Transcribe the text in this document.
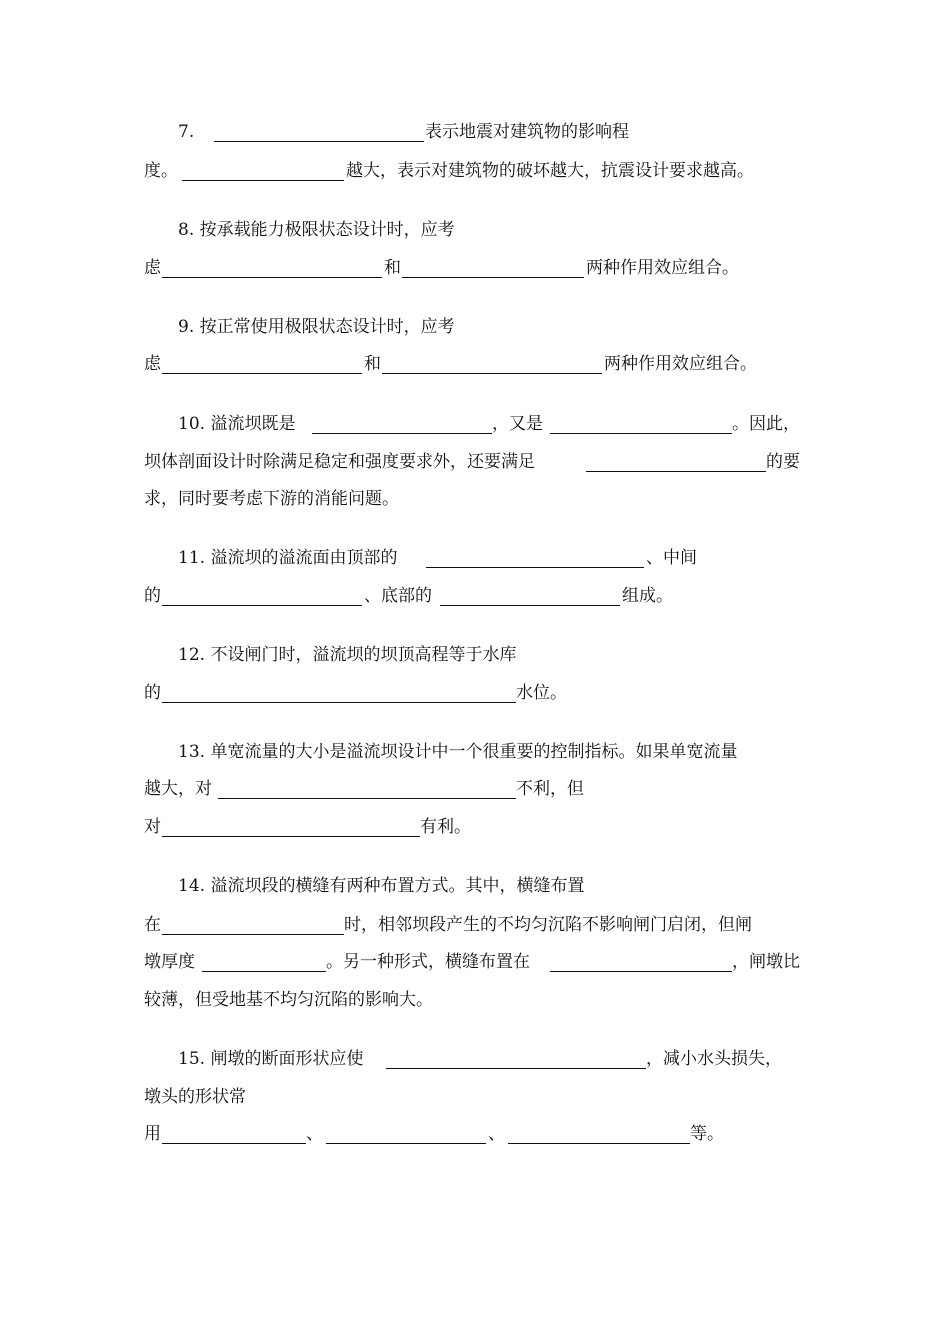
7.	表示地震对建筑物的影响程
度。	越大，表示对建筑物的破坏越大，抗震设计要求越高。
8. 按承载能力极限状态设计时，应考
虑	和	两种作用效应组合。
9. 按正常使用极限状态设计时，应考
虑	和	两种作用效应组合。
10. 溢流坝既是	，又是	。因此，
坝体剖面设计时除满足稳定和强度要求外，还要满足	的要
求，同时要考虑下游的消能问题。
11. 溢流坝的溢流面由顶部的	、中间
的	、底部的	组成。
12. 不设闸门时，溢流坝的坝顶高程等于水库
的	水位。
13. 单宽流量的大小是溢流坝设计中一个很重要的控制指标。如果单宽流量
越大，对	不利，但
对	有利。
14. 溢流坝段的横缝有两种布置方式。其中，横缝布置
在	时，相邻坝段产生的不均匀沉陷不影响闸门启闭，但闸
墩厚度	。另一种形式，横缝布置在	，闸墩比
较薄，但受地基不均匀沉陷的影响大。
15. 闸墩的断面形状应使	，减小水头损失，
墩头的形状常
用	、	、	等。
